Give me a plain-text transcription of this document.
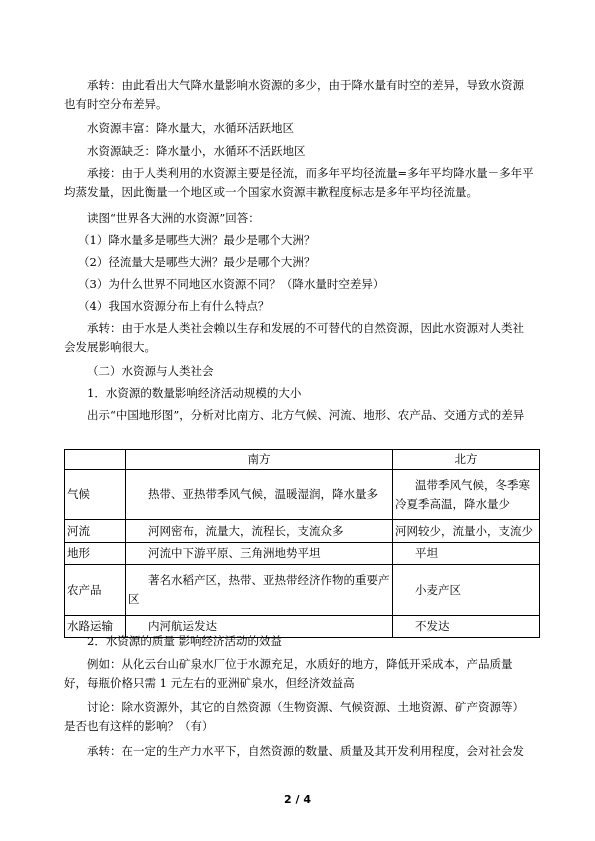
承转：由此看出大气降水量影响水资源的多少，由于降水量有时空的差异，导致水资源也有时空分布差异。
水资源丰富：降水量大，水循环活跃地区
水资源缺乏：降水量小，水循环不活跃地区
承接：由于人类利用的水资源主要是径流，而多年平均径流量=多年平均降水量－多年平均蒸发量，因此衡量一个地区或一个国家水资源丰歉程度标志是多年平均径流量。
读图“世界各大洲的水资源”回答：
（1）降水量多是哪些大洲？最少是哪个大洲？
（2）径流量大是哪些大洲？最少是哪个大洲？
（3）为什么世界不同地区水资源不同？（降水量时空差异）
（4）我国水资源分布上有什么特点？
承转：由于水是人类社会赖以生存和发展的不可替代的自然资源，因此水资源对人类社会发展影响很大。
（二）水资源与人类社会
1．水资源的数量影响经济活动规模的大小
出示“中国地形图”，分析对比南方、北方气候、河流、地形、农产品、交通方式的差异
	南方	北方
气候	热带、亚热带季风气候，温暖湿润，降水量多	温带季风气候，冬季寒冷夏季高温，降水量少
河流	河网密布，流量大，流程长，支流众多	河网较少，流量小，支流少
地形	河流中下游平原、三角洲地势平坦	平坦
农产品	著名水稻产区，热带、亚热带经济作物的重要产区	小麦产区
水路运输	内河航运发达	不发达
2．水资源的质量 影响经济活动的效益
例如：从化云台山矿泉水厂位于水源充足，水质好的地方，降低开采成本，产品质量好，每瓶价格只需 1 元左右的亚洲矿泉水，但经济效益高
讨论：除水资源外，其它的自然资源（生物资源、气候资源、土地资源、矿产资源等）是否也有这样的影响？（有）
承转：在一定的生产力水平下，自然资源的数量、质量及其开发利用程度，会对社会发
2 / 4
